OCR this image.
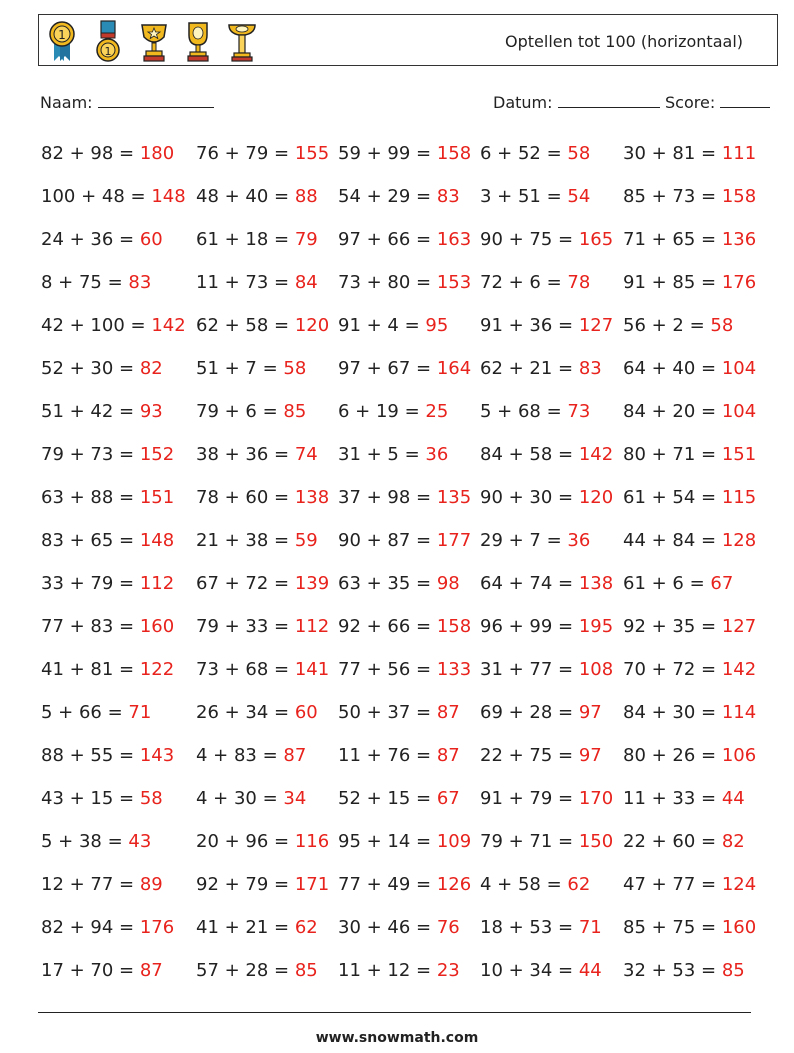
1
1
Optellen tot 100 (horizontaal)
Naam:	Datum:	Score:
82 + 98 = 180 76 + 79 = 155 59 + 99 = 158 6 + 52 = 58 30 + 81 = 111
100 + 48 = 148 48 + 40 = 88 54 + 29 = 83 3 + 51 = 54 85 + 73 = 158
24 + 36 = 60 61 + 18 = 79 97 + 66 = 163 90 + 75 = 165 71 + 65 = 136
8 + 75 = 83 11 + 73 = 84 73 + 80 = 153 72 + 6 = 78 91 + 85 = 176
42 + 100 = 142 62 + 58 = 120 91 + 4 = 95 91 + 36 = 127 56 + 2 = 58
52 + 30 = 82 51 + 7 = 58 97 + 67 = 164 62 + 21 = 83 64 + 40 = 104
51 + 42 = 93 79 + 6 = 85 6 + 19 = 25 5 + 68 = 73 84 + 20 = 104
79 + 73 = 152 38 + 36 = 74 31 + 5 = 36 84 + 58 = 142 80 + 71 = 151
63 + 88 = 151 78 + 60 = 138 37 + 98 = 135 90 + 30 = 120 61 + 54 = 115
83 + 65 = 148 21 + 38 = 59 90 + 87 = 177 29 + 7 = 36 44 + 84 = 128
33 + 79 = 112 67 + 72 = 139 63 + 35 = 98 64 + 74 = 138 61 + 6 = 67
77 + 83 = 160 79 + 33 = 112 92 + 66 = 158 96 + 99 = 195 92 + 35 = 127
41 + 81 = 122 73 + 68 = 141 77 + 56 = 133 31 + 77 = 108 70 + 72 = 142
5 + 66 = 71 26 + 34 = 60 50 + 37 = 87 69 + 28 = 97 84 + 30 = 114
88 + 55 = 143 4 + 83 = 87 11 + 76 = 87 22 + 75 = 97 80 + 26 = 106
43 + 15 = 58 4 + 30 = 34 52 + 15 = 67 91 + 79 = 170 11 + 33 = 44
5 + 38 = 43 20 + 96 = 116 95 + 14 = 109 79 + 71 = 150 22 + 60 = 82
12 + 77 = 89 92 + 79 = 171 77 + 49 = 126 4 + 58 = 62 47 + 77 = 124
82 + 94 = 176 41 + 21 = 62 30 + 46 = 76 18 + 53 = 71 85 + 75 = 160
17 + 70 = 87 57 + 28 = 85 11 + 12 = 23 10 + 34 = 44 32 + 53 = 85
www.snowmath.com
